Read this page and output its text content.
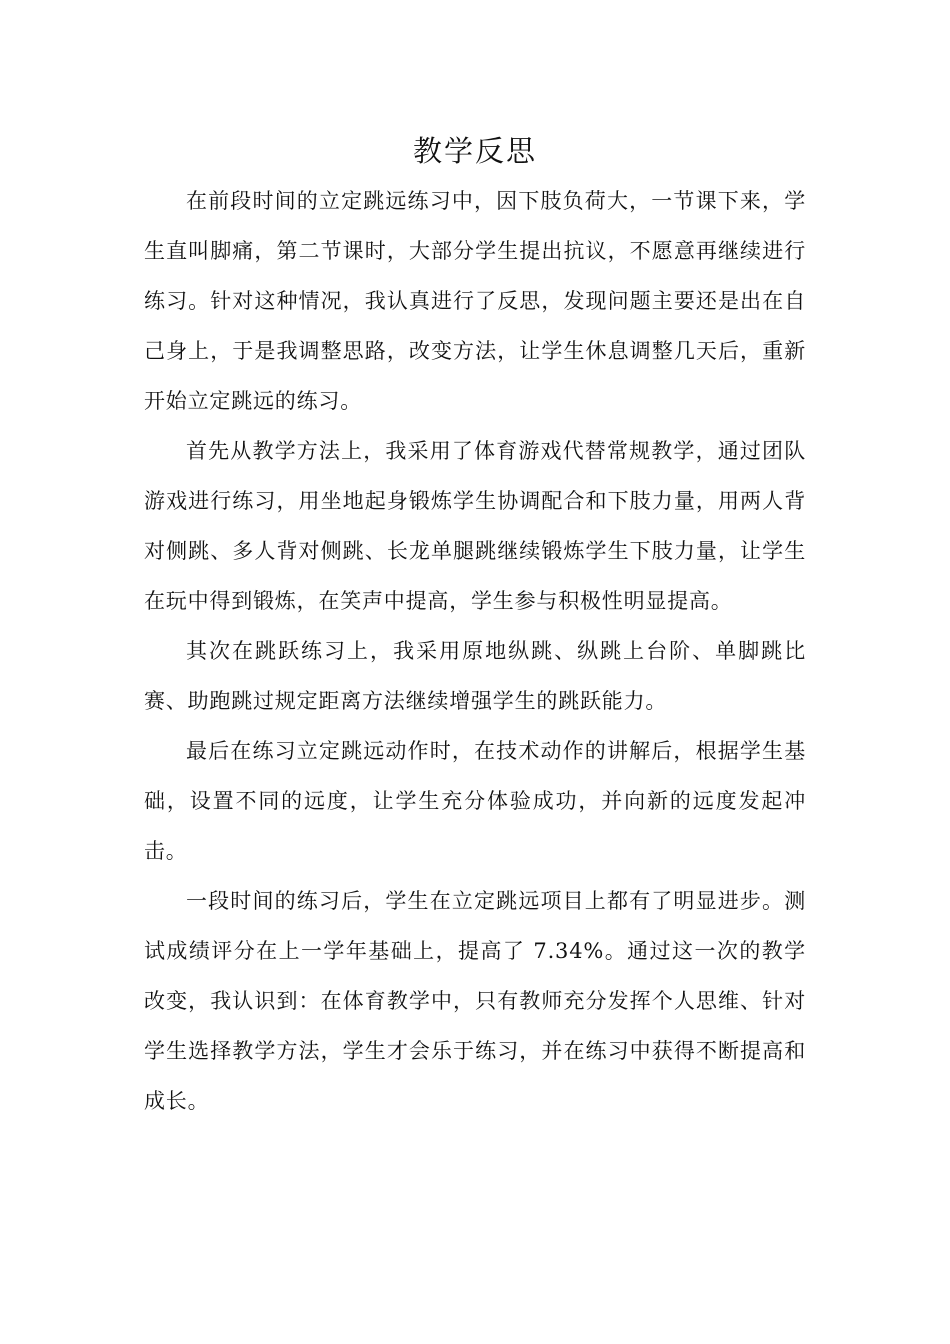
教学反思

在前段时间的立定跳远练习中，因下肢负荷大，一节课下来，学生直叫脚痛，第二节课时，大部分学生提出抗议，不愿意再继续进行练习。针对这种情况，我认真进行了反思，发现问题主要还是出在自己身上，于是我调整思路，改变方法，让学生休息调整几天后，重新开始立定跳远的练习。

首先从教学方法上，我采用了体育游戏代替常规教学，通过团队游戏进行练习，用坐地起身锻炼学生协调配合和下肢力量，用两人背对侧跳、多人背对侧跳、长龙单腿跳继续锻炼学生下肢力量，让学生在玩中得到锻炼，在笑声中提高，学生参与积极性明显提高。

其次在跳跃练习上，我采用原地纵跳、纵跳上台阶、单脚跳比赛、助跑跳过规定距离方法继续增强学生的跳跃能力。

最后在练习立定跳远动作时，在技术动作的讲解后，根据学生基础，设置不同的远度，让学生充分体验成功，并向新的远度发起冲击。

一段时间的练习后，学生在立定跳远项目上都有了明显进步。测试成绩评分在上一学年基础上，提高了 7.34%。通过这一次的教学改变，我认识到：在体育教学中，只有教师充分发挥个人思维、针对学生选择教学方法，学生才会乐于练习，并在练习中获得不断提高和成长。
